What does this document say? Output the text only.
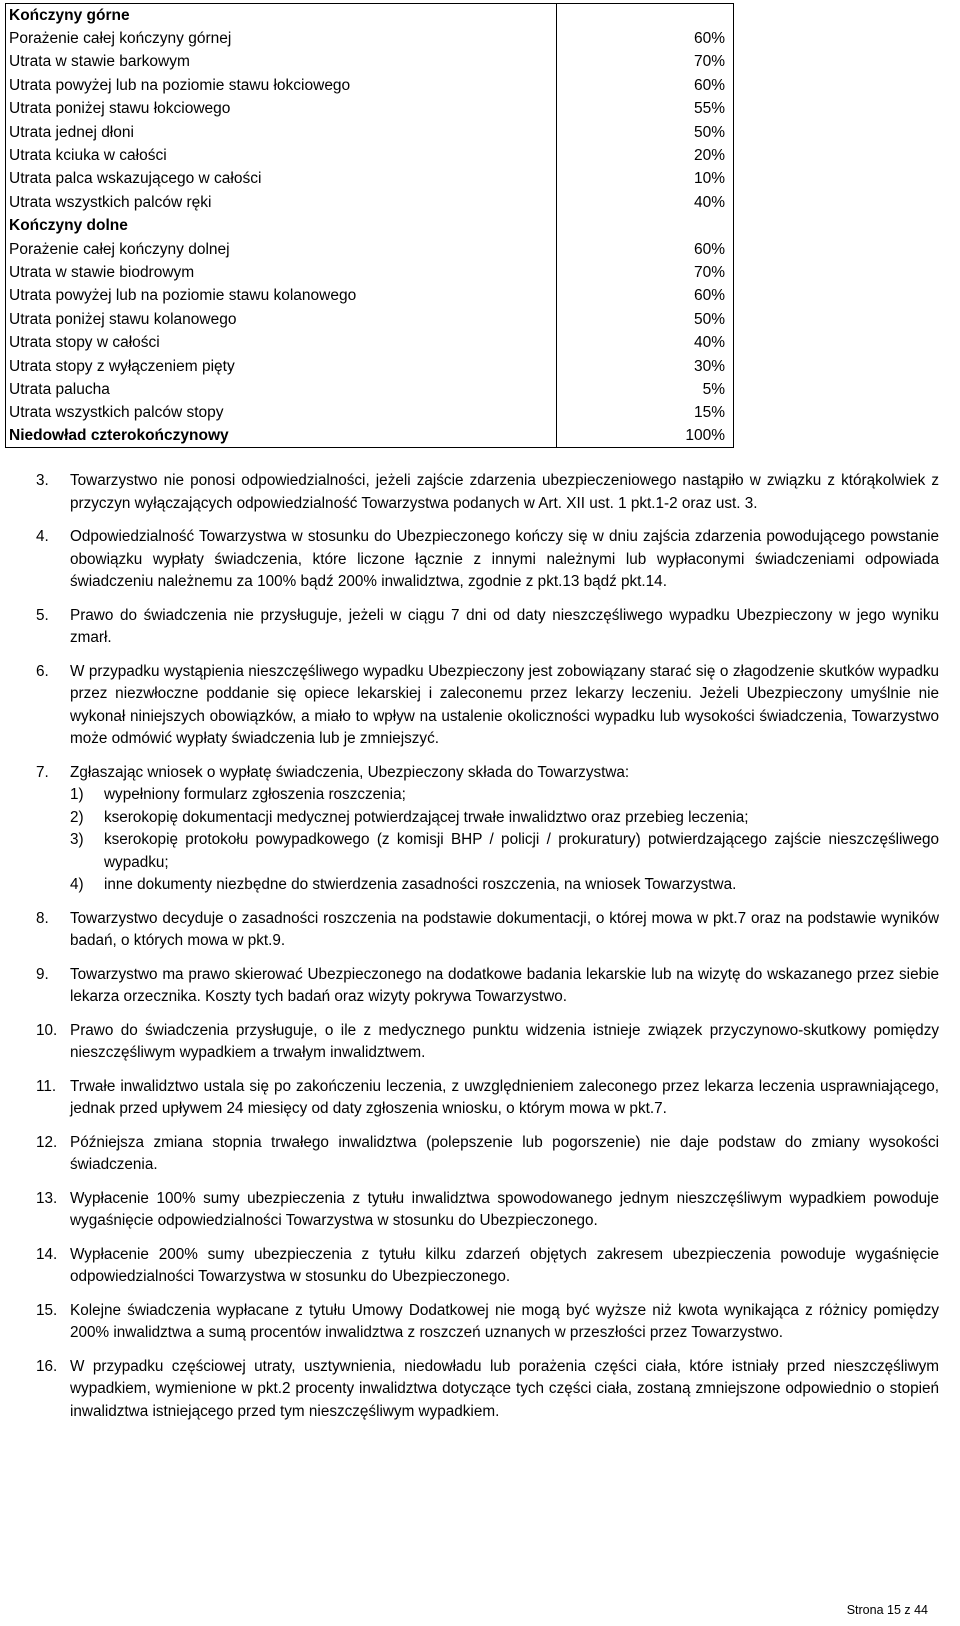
Kończyny górne	
Porażenie całej kończyny górnej	60%
Utrata w stawie barkowym	70%
Utrata powyżej lub na poziomie stawu łokciowego	60%
Utrata poniżej stawu łokciowego	55%
Utrata jednej dłoni	50%
Utrata kciuka w całości	20%
Utrata palca wskazującego w całości	10%
Utrata wszystkich palców ręki	40%
Kończyny dolne	
Porażenie całej kończyny dolnej	60%
Utrata w stawie biodrowym	70%
Utrata powyżej lub na poziomie stawu kolanowego	60%
Utrata poniżej stawu kolanowego	50%
Utrata stopy w całości	40%
Utrata stopy z wyłączeniem pięty	30%
Utrata palucha	5%
Utrata wszystkich palców stopy	15%
Niedowład czterokończynowy	100%
3. Towarzystwo nie ponosi odpowiedzialności, jeżeli zajście zdarzenia ubezpieczeniowego nastąpiło w związku z którąkolwiek z przyczyn wyłączających odpowiedzialność Towarzystwa podanych w Art. XII ust. 1 pkt.1-2 oraz ust. 3.
4. Odpowiedzialność Towarzystwa w stosunku do Ubezpieczonego kończy się w dniu zajścia zdarzenia powodującego powstanie obowiązku wypłaty świadczenia, które liczone łącznie z innymi należnymi lub wypłaconymi świadczeniami odpowiada świadczeniu należnemu za 100% bądź 200% inwalidztwa, zgodnie z pkt.13 bądź pkt.14.
5. Prawo do świadczenia nie przysługuje, jeżeli w ciągu 7 dni od daty nieszczęśliwego wypadku Ubezpieczony w jego wyniku zmarł.
6. W przypadku wystąpienia nieszczęśliwego wypadku Ubezpieczony jest zobowiązany starać się o złagodzenie skutków wypadku przez niezwłoczne poddanie się opiece lekarskiej i zaleconemu przez lekarzy leczeniu. Jeżeli Ubezpieczony umyślnie nie wykonał niniejszych obowiązków, a miało to wpływ na ustalenie okoliczności wypadku lub wysokości świadczenia, Towarzystwo może odmówić wypłaty świadczenia lub je zmniejszyć.
7. Zgłaszając wniosek o wypłatę świadczenia, Ubezpieczony składa do Towarzystwa:
1) wypełniony formularz zgłoszenia roszczenia;
2) kserokopię dokumentacji medycznej potwierdzającej trwałe inwalidztwo oraz przebieg leczenia;
3) kserokopię protokołu powypadkowego (z komisji BHP / policji / prokuratury) potwierdzającego zajście nieszczęśliwego wypadku;
4) inne dokumenty niezbędne do stwierdzenia zasadności roszczenia, na wniosek Towarzystwa.
8. Towarzystwo decyduje o zasadności roszczenia na podstawie dokumentacji, o której mowa w pkt.7 oraz na podstawie wyników badań, o których mowa w pkt.9.
9. Towarzystwo ma prawo skierować Ubezpieczonego na dodatkowe badania lekarskie lub na wizytę do wskazanego przez siebie lekarza orzecznika. Koszty tych badań oraz wizyty pokrywa Towarzystwo.
10. Prawo do świadczenia przysługuje, o ile z medycznego punktu widzenia istnieje związek przyczynowo-skutkowy pomiędzy nieszczęśliwym wypadkiem a trwałym inwalidztwem.
11. Trwałe inwalidztwo ustala się po zakończeniu leczenia, z uwzględnieniem zaleconego przez lekarza leczenia usprawniającego, jednak przed upływem 24 miesięcy od daty zgłoszenia wniosku, o którym mowa w pkt.7.
12. Późniejsza zmiana stopnia trwałego inwalidztwa (polepszenie lub pogorszenie) nie daje podstaw do zmiany wysokości świadczenia.
13. Wypłacenie 100% sumy ubezpieczenia z tytułu inwalidztwa spowodowanego jednym nieszczęśliwym wypadkiem powoduje wygaśnięcie odpowiedzialności Towarzystwa w stosunku do Ubezpieczonego.
14. Wypłacenie 200% sumy ubezpieczenia z tytułu kilku zdarzeń objętych zakresem ubezpieczenia powoduje wygaśnięcie odpowiedzialności Towarzystwa w stosunku do Ubezpieczonego.
15. Kolejne świadczenia wypłacane z tytułu Umowy Dodatkowej nie mogą być wyższe niż kwota wynikająca z różnicy pomiędzy 200% inwalidztwa a sumą procentów inwalidztwa z roszczeń uznanych w przeszłości przez Towarzystwo.
16. W przypadku częściowej utraty, usztywnienia, niedowładu lub porażenia części ciała, które istniały przed nieszczęśliwym wypadkiem, wymienione w pkt.2 procenty inwalidztwa dotyczące tych części ciała, zostaną zmniejszone odpowiednio o stopień inwalidztwa istniejącego przed tym nieszczęśliwym wypadkiem.
Strona 15 z 44
